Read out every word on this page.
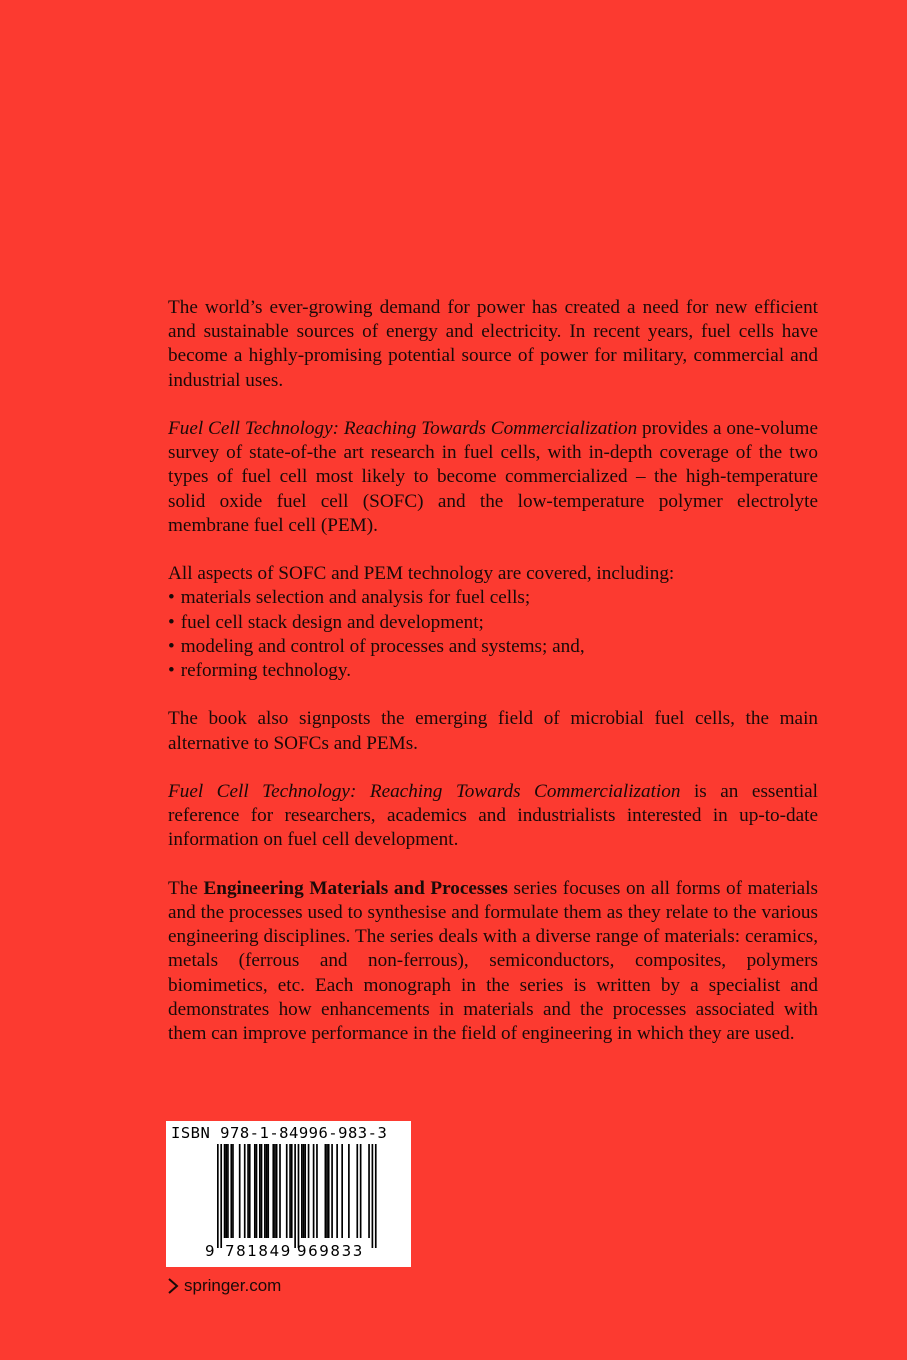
The world’s ever-growing demand for power has created a need for new efficient and sustainable sources of energy and electricity. In recent years, fuel cells have become a highly-promising potential source of power for military, commercial and industrial uses.

Fuel Cell Technology: Reaching Towards Commercialization provides a one-volume survey of state-of-the art research in fuel cells, with in-depth coverage of the two types of fuel cell most likely to become commercialized – the high-temperature solid oxide fuel cell (SOFC) and the low-temperature polymer electrolyte membrane fuel cell (PEM).

All aspects of SOFC and PEM technology are covered, including:

• materials selection and analysis for fuel cells;
• fuel cell stack design and development;
• modeling and control of processes and systems; and,
• reforming technology.

The book also signposts the emerging field of microbial fuel cells, the main alternative to SOFCs and PEMs.

Fuel Cell Technology: Reaching Towards Commercialization is an essential reference for researchers, academics and industrialists interested in up-to-date information on fuel cell development.

The Engineering Materials and Processes series focuses on all forms of materials and the processes used to synthesise and formulate them as they relate to the various engineering disciplines. The series deals with a diverse range of materials: ceramics, metals (ferrous and non-ferrous), semiconductors, composites, polymers biomimetics, etc. Each monograph in the series is written by a specialist and demonstrates how enhancements in materials and the processes associated with them can improve performance in the field of engineering in which they are used.

ISBN 978-1-84996-983-3
9 781849 969833
springer.com
